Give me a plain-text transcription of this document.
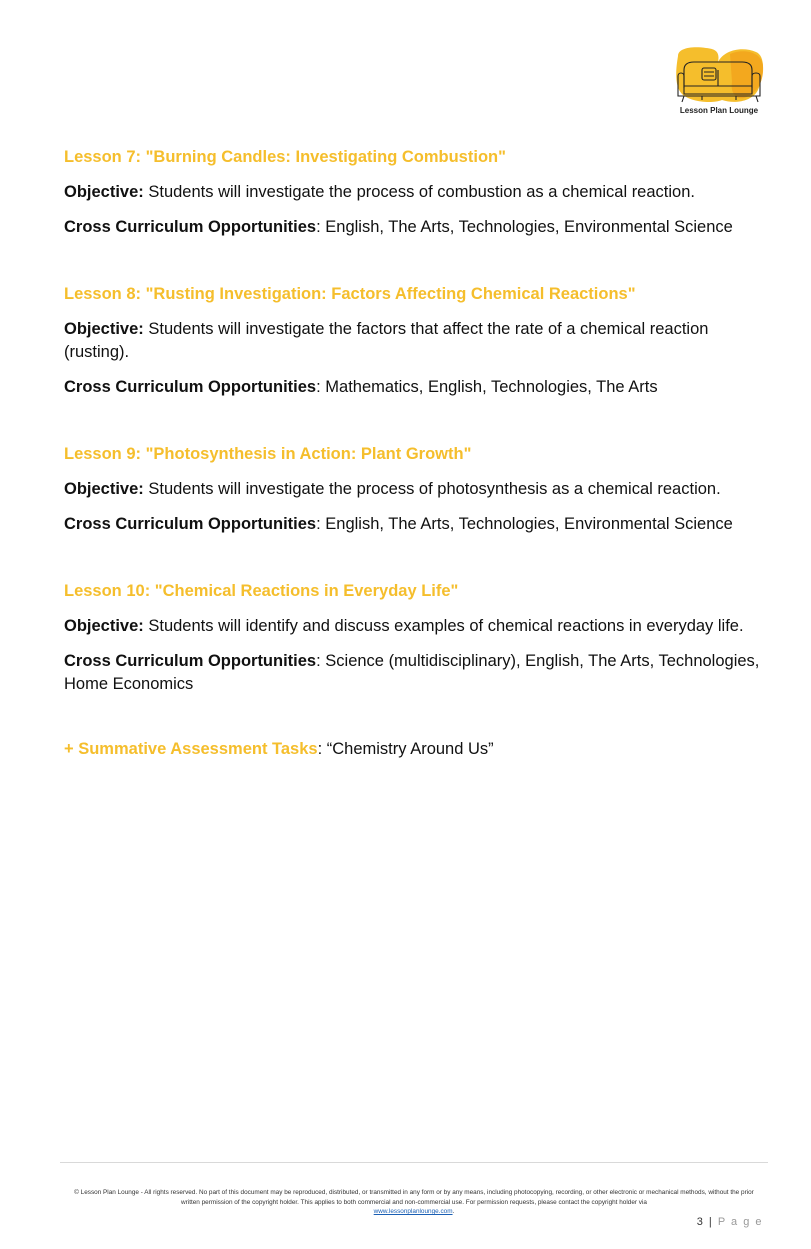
Lesson Plan Lounge
Lesson 7: "Burning Candles: Investigating Combustion"

Objective: Students will investigate the process of combustion as a chemical reaction.

Cross Curriculum Opportunities: English, The Arts, Technologies, Environmental Science

Lesson 8: "Rusting Investigation: Factors Affecting Chemical Reactions"

Objective: Students will investigate the factors that affect the rate of a chemical reaction (rusting).

Cross Curriculum Opportunities: Mathematics, English, Technologies, The Arts

Lesson 9: "Photosynthesis in Action: Plant Growth"

Objective: Students will investigate the process of photosynthesis as a chemical reaction.

Cross Curriculum Opportunities: English, The Arts, Technologies, Environmental Science

Lesson 10: "Chemical Reactions in Everyday Life"

Objective: Students will identify and discuss examples of chemical reactions in everyday life.

Cross Curriculum Opportunities: Science (multidisciplinary), English, The Arts, Technologies, Home Economics

+ Summative Assessment Tasks: “Chemistry Around Us”
© Lesson Plan Lounge - All rights reserved. No part of this document may be reproduced, distributed, or transmitted in any form or by any means, including photocopying, recording, or other electronic or mechanical methods, without the prior written permission of the copyright holder. This applies to both commercial and non-commercial use. For permission requests, please contact the copyright holder via
www.lessonplanlounge.com.
3 | P a g e
